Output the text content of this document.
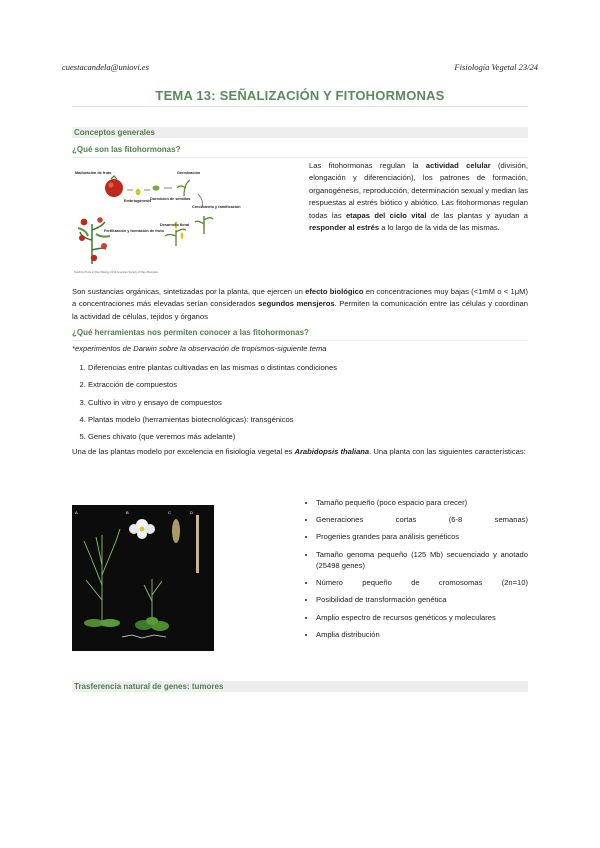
cuestacandela@uniovi.es	Fisiología Vegetal 23/24
TEMA 13: SEÑALIZACIÓN Y FITOHORMONAS
Conceptos generales
¿Qué son las fitohormonas?
Maduración de fruto
Embriogénesis
Dormición de semillas
Germinación
Crecimiento y ramificación
Fertilización y formación de fruto
Desarrollo floral
Teaching Tools in Plant Biology 2010 American Society of Plant Biologists
Las fitohormonas regulan la actividad celular (división, elongación y diferenciación), los patrones de formación, organogénesis, reproducción, determinación sexual y median las respuestas al estrés biótico y abiótico. Las fitohormonas regulan todas las etapas del ciclo vital de las plantas y ayudan a responder al estrés a lo largo de la vida de las mismas.
Son sustancias orgánicas, sintetizadas por la planta, que ejercen un efecto biológico en concentraciones muy bajas (<1mM o < 1μM) a concentraciones más elevadas serían considerados segundos mensjeros. Permiten la comunicación entre las células y coordinan la actividad de células, tejidos y órganos
¿Qué herramientas nos permiten conocer a las fitohormonas?
*experimentos de Darwin sobre la observación de tropismos-siguiente tema
1. Diferencias entre plantas cultivadas en las mismas o distintas condiciones
2. Extracción de compuestos
3. Cultivo in vitro y ensayo de compuestos
4. Plantas modelo (herramientas biotecnológicas): transgénicos
5. Genes chivato (que veremos más adelante)
Una de las plantas modelo por excelencia en fisiología vegetal es Arabidopsis thaliana. Una planta con las siguientes características:
A	B	C	D
• Tamaño pequeño (poco espacio para crecer)
• Generaciones cortas (6-8 semanas)
• Progenies grandes para análisis genéticos
• Tamaño genoma pequeño (125 Mb) secuenciado y anotado (25498 genes)
• Número pequeño de cromosomas (2n=10)
• Posibilidad de transformación genética
• Amplio espectro de recursos genéticos y moleculares
• Amplia distribución
Trasferencia natural de genes: tumores
